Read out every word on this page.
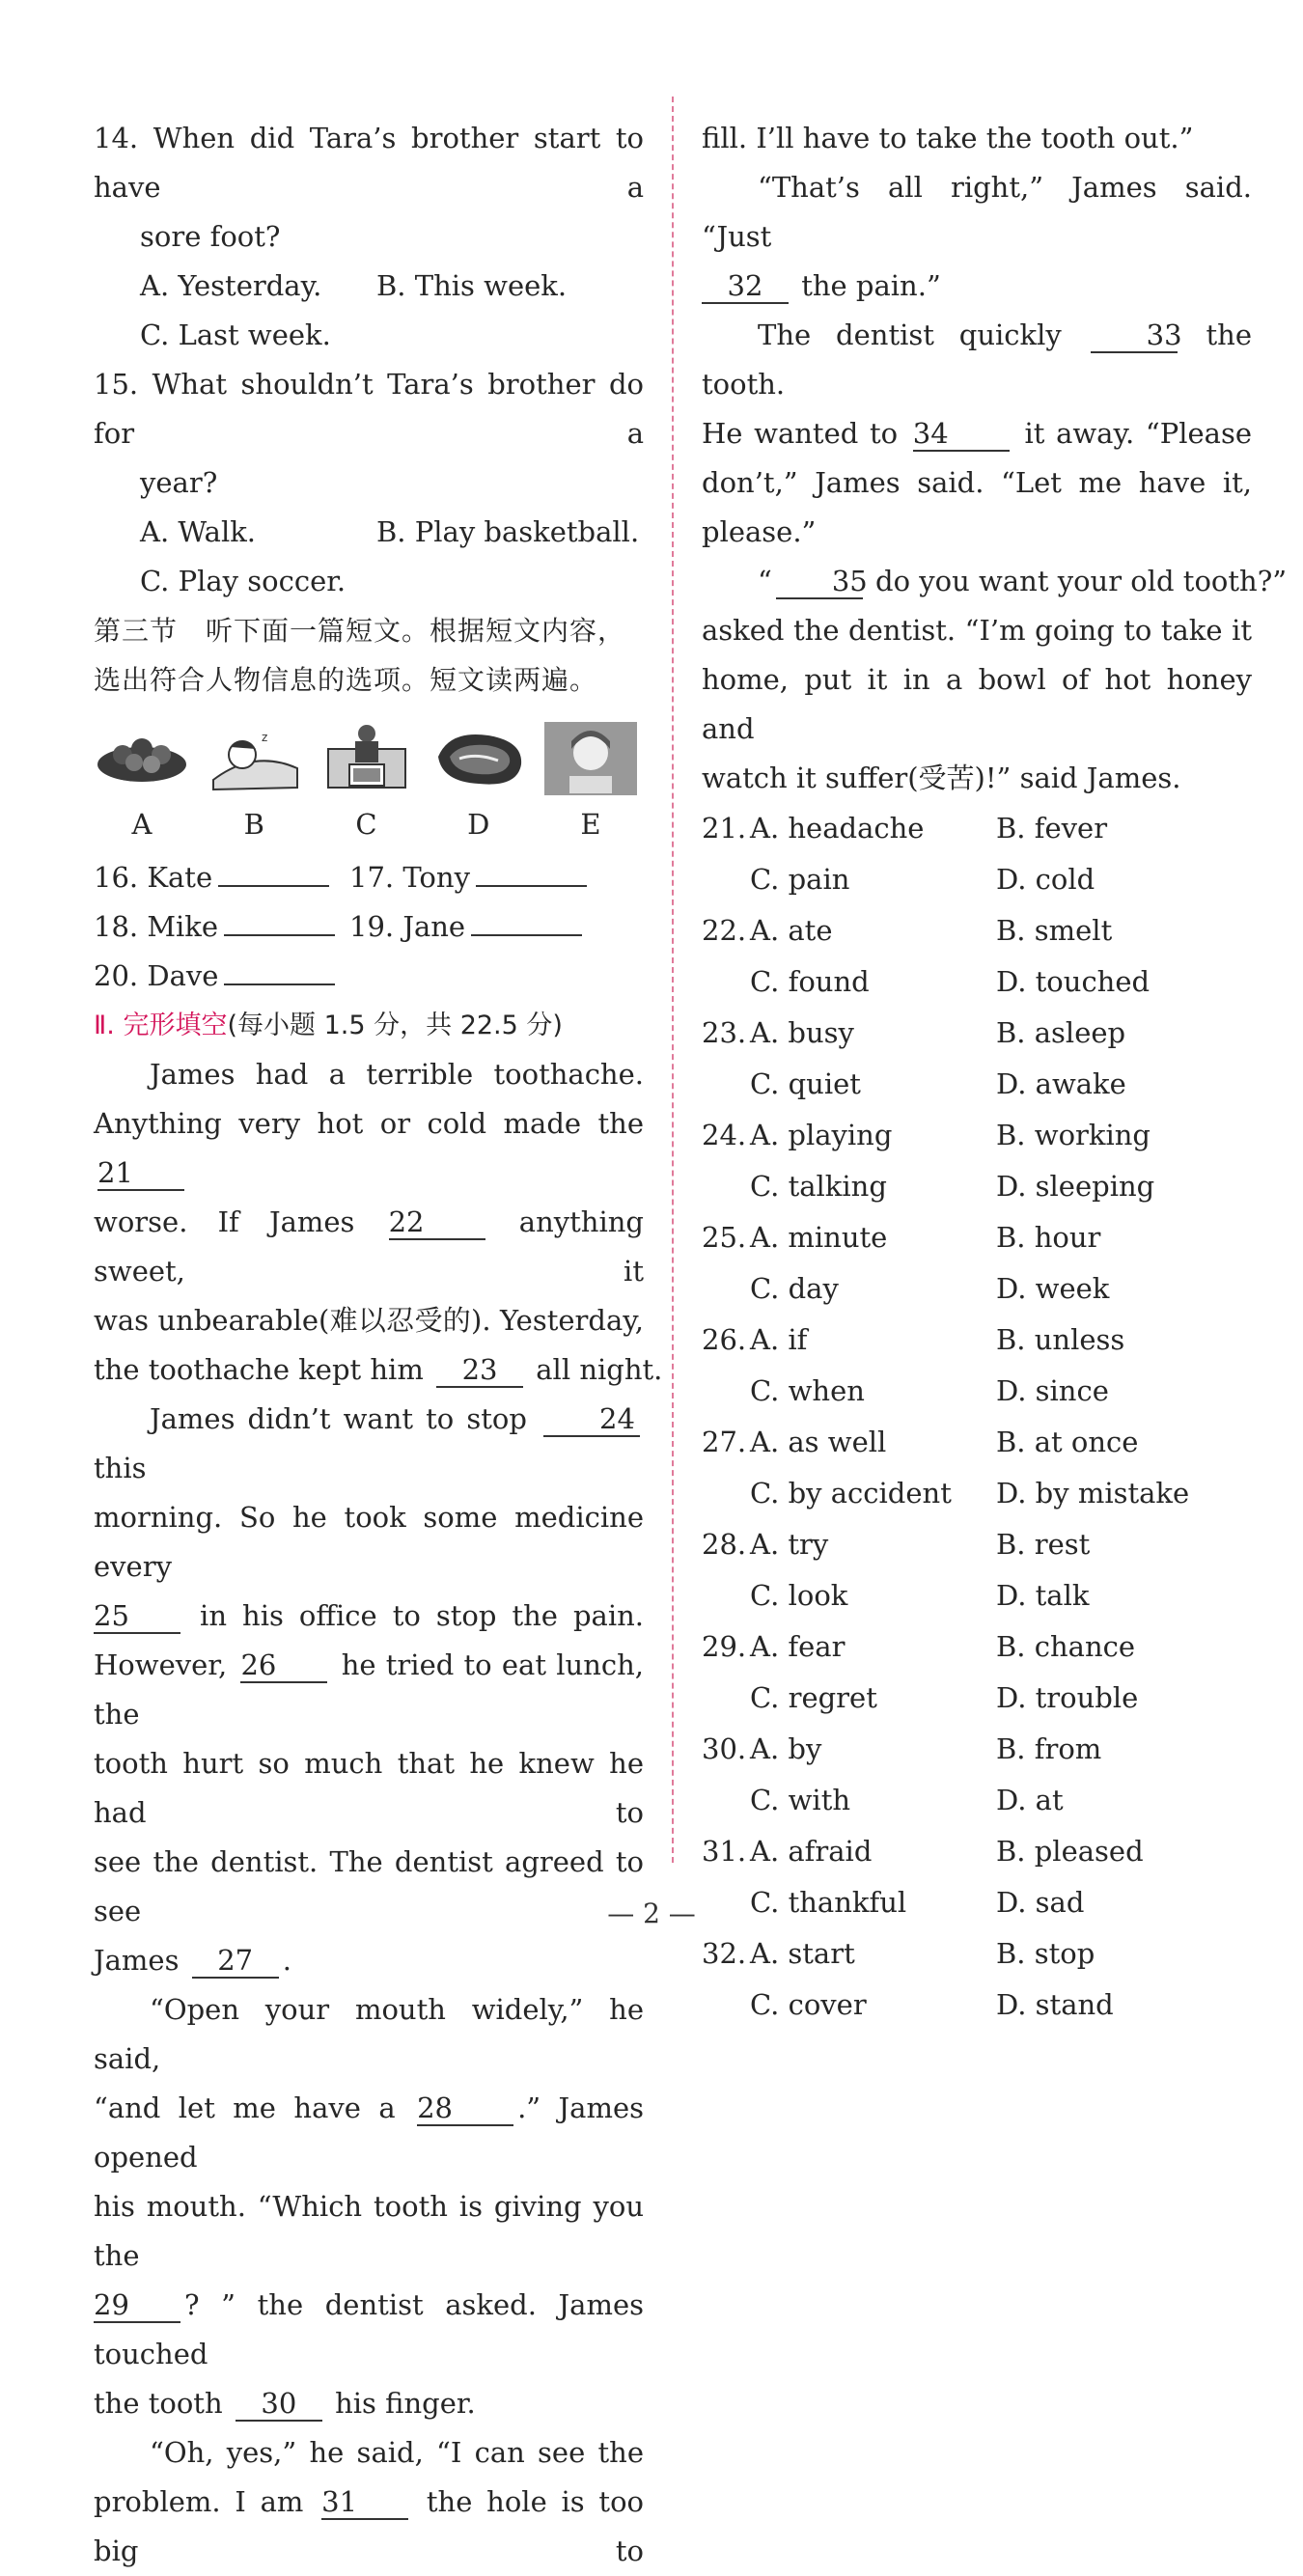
14. When did Tara’s brother start to have a
sore foot?
A. Yesterday.	B. This week.
C. Last week.
15. What shouldn’t Tara’s brother do for a
year?
A. Walk.	B. Play basketball.
C. Play soccer.
第三节　听下面一篇短文。根据短文内容，
选出符合人物信息的选项。短文读两遍。
A
z
B	C	D	E
16. Kate	17. Tony
18. Mike	19. Jane
20. Dave
Ⅱ. 完形填空(每小题 1.5 分，共 22.5 分)
James had a terrible toothache.
Anything very hot or cold made the 21
worse. If James 22	anything sweet, it
was unbearable(难以忍受的). Yesterday,
the toothache kept him 23 all night.
James didn’t want to stop	24 this
morning. So he took some medicine every
25	in his office to stop the pain.
However, 26 he tried to eat lunch, the
tooth hurt so much that he knew he had to
see the dentist. The dentist agreed to see
James 27 .
“Open your mouth widely,” he said,
“and let me have a 28 .” James opened
his mouth. “Which tooth is giving you the
29 ? ” the dentist asked. James touched
the tooth 30 his finger.
“Oh, yes,” he said, “I can see the
problem. I am 31 the hole is too big to
fill. I’ll have to take the tooth out.”
“That’s all right,” James said. “Just
32 the pain.”
The dentist quickly	33 the tooth.
He wanted to 34	it away. “Please
don’t,” James said. “Let me have it,
please.”
“ 35 do you want your old tooth?”
asked the dentist. “I’m going to take it
home, put it in a bowl of hot honey and
watch it suffer(受苦)!” said James.
21. A. headache	B. fever
C. pain	D. cold
22. A. ate	B. smelt
C. found	D. touched
23. A. busy	B. asleep
C. quiet	D. awake
24. A. playing	B. working
C. talking	D. sleeping
25. A. minute	B. hour
C. day	D. week
26. A. if	B. unless
C. when	D. since
27. A. as well	B. at once
C. by accident	D. by mistake
28. A. try	B. rest
C. look	D. talk
29. A. fear	B. chance
C. regret	D. trouble
30. A. by	B. from
C. with	D. at
31. A. afraid	B. pleased
C. thankful	D. sad
32. A. start	B. stop
C. cover	D. stand
— 2 —
